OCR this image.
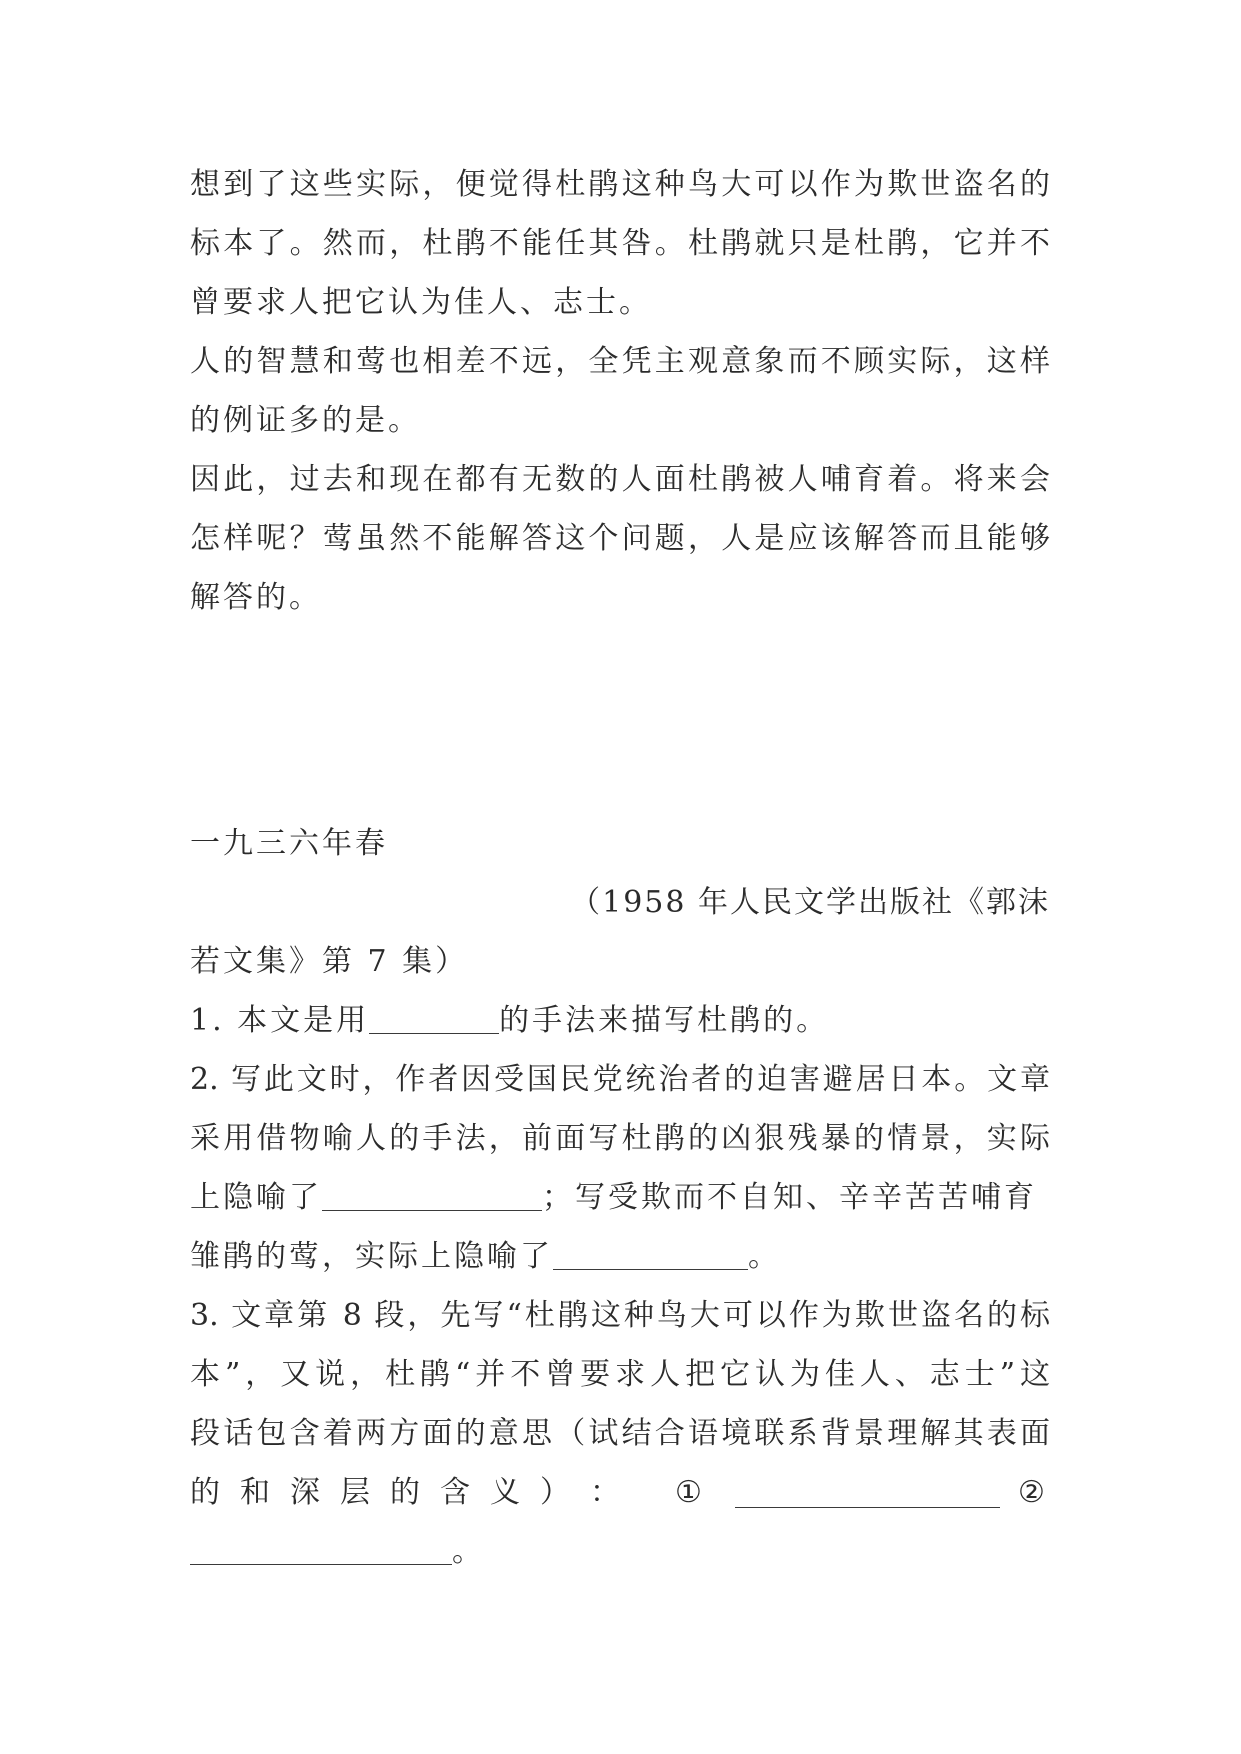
想到了这些实际，便觉得杜鹃这种鸟大可以作为欺世盗名的
标本了。然而，杜鹃不能任其咎。杜鹃就只是杜鹃，它并不
曾要求人把它认为佳人、志士。
人的智慧和莺也相差不远，全凭主观意象而不顾实际，这样
的例证多的是。
因此，过去和现在都有无数的人面杜鹃被人哺育着。将来会
怎样呢？莺虽然不能解答这个问题，人是应该解答而且能够
解答的。
一九三六年春
（1958 年人民文学出版社《郭沫
若文集》第 7 集）
1. 本文是用	的手法来描写杜鹃的。
2. 写此文时，作者因受国民党统治者的迫害避居日本。文章
采用借物喻人的手法，前面写杜鹃的凶狠残暴的情景，实际
上隐喻了	；写受欺而不自知、辛辛苦苦哺育
雏鹃的莺，实际上隐喻了	。
3. 文章第 8 段，先写“杜鹃这种鸟大可以作为欺世盗名的标
本”，又说，杜鹃“并不曾要求人把它认为佳人、志士”这
段话包含着两方面的意思（试结合语境联系背景理解其表面
的 和 深 层 的 含 义 ） ： ①	②
。
